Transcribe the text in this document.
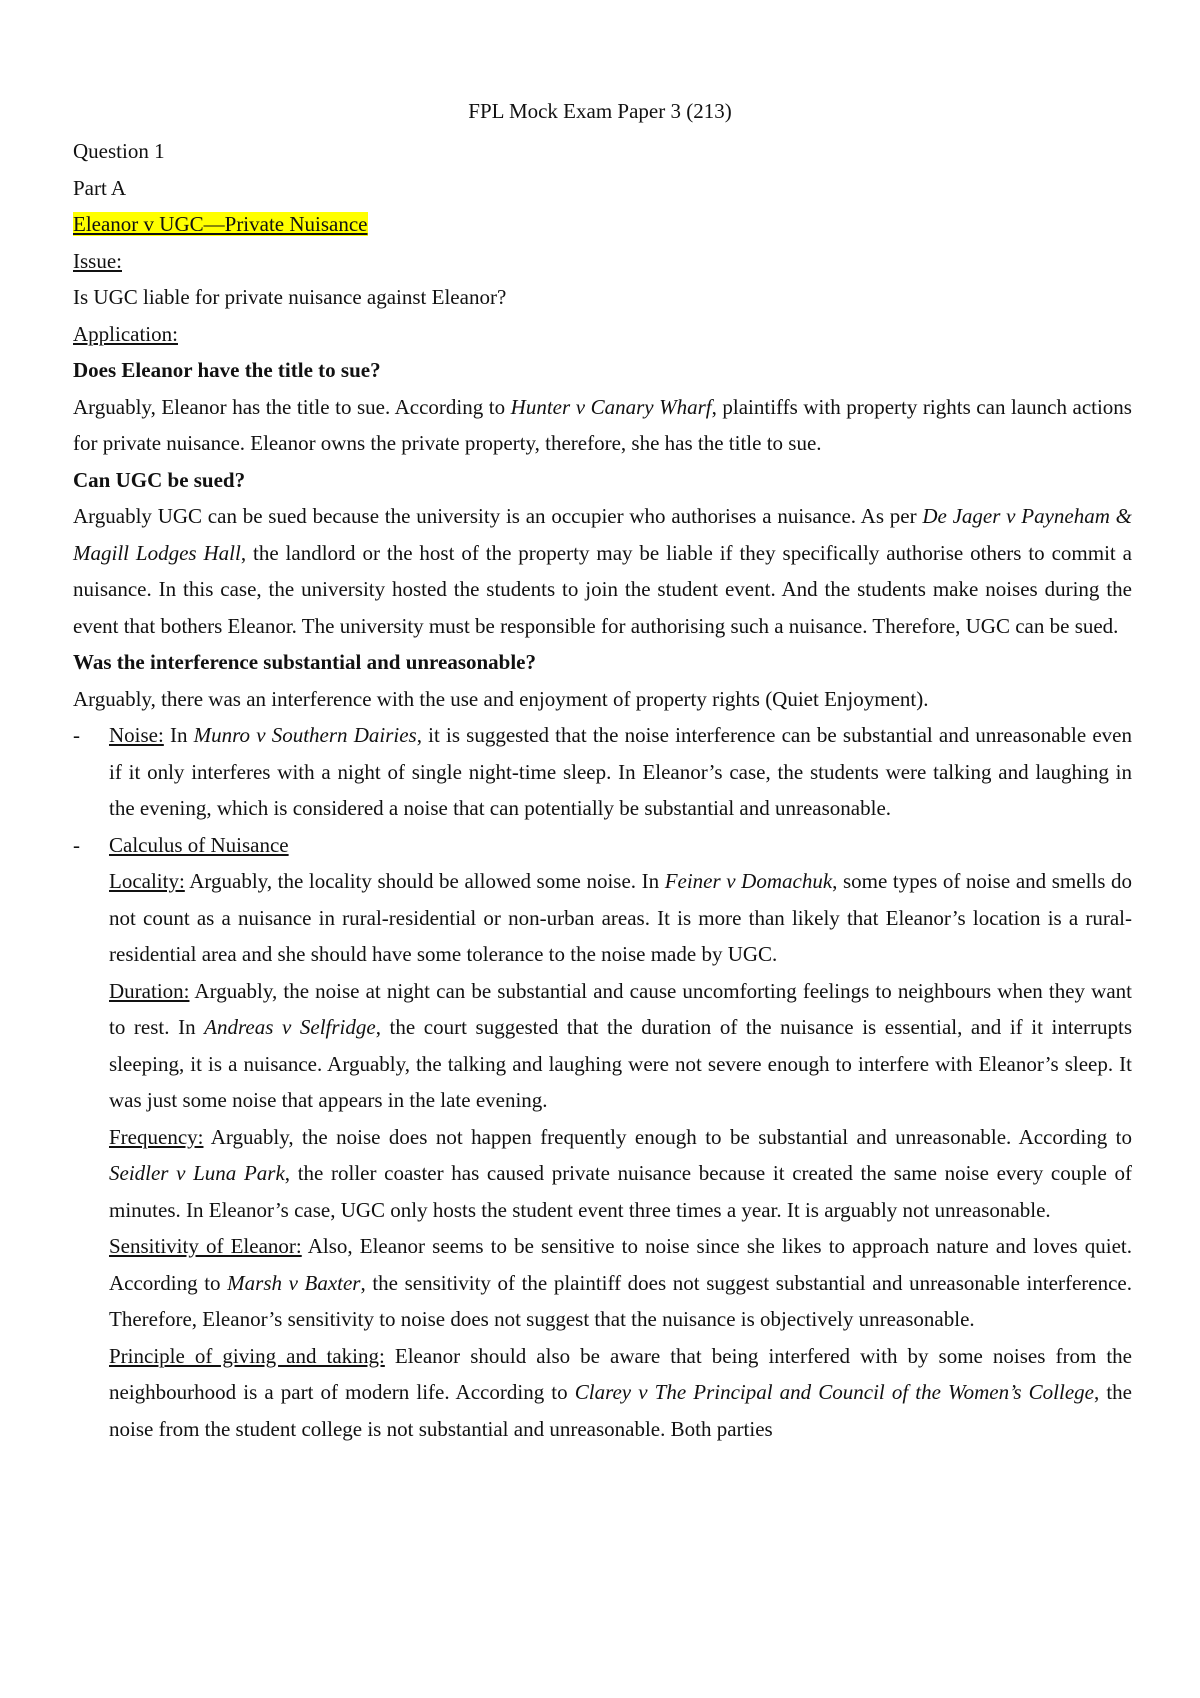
FPL Mock Exam Paper 3 (213)

Question 1

Part A

Eleanor v UGC—Private Nuisance

Issue:

Is UGC liable for private nuisance against Eleanor?

Application:

Does Eleanor have the title to sue?

Arguably, Eleanor has the title to sue. According to Hunter v Canary Wharf, plaintiffs with property rights can launch actions for private nuisance. Eleanor owns the private property, therefore, she has the title to sue.

Can UGC be sued?

Arguably UGC can be sued because the university is an occupier who authorises a nuisance. As per De Jager v Payneham & Magill Lodges Hall, the landlord or the host of the property may be liable if they specifically authorise others to commit a nuisance. In this case, the university hosted the students to join the student event. And the students make noises during the event that bothers Eleanor. The university must be responsible for authorising such a nuisance. Therefore, UGC can be sued.

Was the interference substantial and unreasonable?

Arguably, there was an interference with the use and enjoyment of property rights (Quiet Enjoyment).

- Noise: In Munro v Southern Dairies, it is suggested that the noise interference can be substantial and unreasonable even if it only interferes with a night of single night-time sleep. In Eleanor’s case, the students were talking and laughing in the evening, which is considered a noise that can potentially be substantial and unreasonable.
- Calculus of Nuisance

Locality: Arguably, the locality should be allowed some noise. In Feiner v Domachuk, some types of noise and smells do not count as a nuisance in rural-residential or non-urban areas. It is more than likely that Eleanor’s location is a rural-residential area and she should have some tolerance to the noise made by UGC.

Duration: Arguably, the noise at night can be substantial and cause uncomforting feelings to neighbours when they want to rest. In Andreas v Selfridge, the court suggested that the duration of the nuisance is essential, and if it interrupts sleeping, it is a nuisance. Arguably, the talking and laughing were not severe enough to interfere with Eleanor’s sleep. It was just some noise that appears in the late evening.

Frequency: Arguably, the noise does not happen frequently enough to be substantial and unreasonable. According to Seidler v Luna Park, the roller coaster has caused private nuisance because it created the same noise every couple of minutes. In Eleanor’s case, UGC only hosts the student event three times a year. It is arguably not unreasonable.

Sensitivity of Eleanor: Also, Eleanor seems to be sensitive to noise since she likes to approach nature and loves quiet. According to Marsh v Baxter, the sensitivity of the plaintiff does not suggest substantial and unreasonable interference. Therefore, Eleanor’s sensitivity to noise does not suggest that the nuisance is objectively unreasonable.

Principle of giving and taking: Eleanor should also be aware that being interfered with by some noises from the neighbourhood is a part of modern life. According to Clarey v The Principal and Council of the Women’s College, the noise from the student college is not substantial and unreasonable. Both parties
